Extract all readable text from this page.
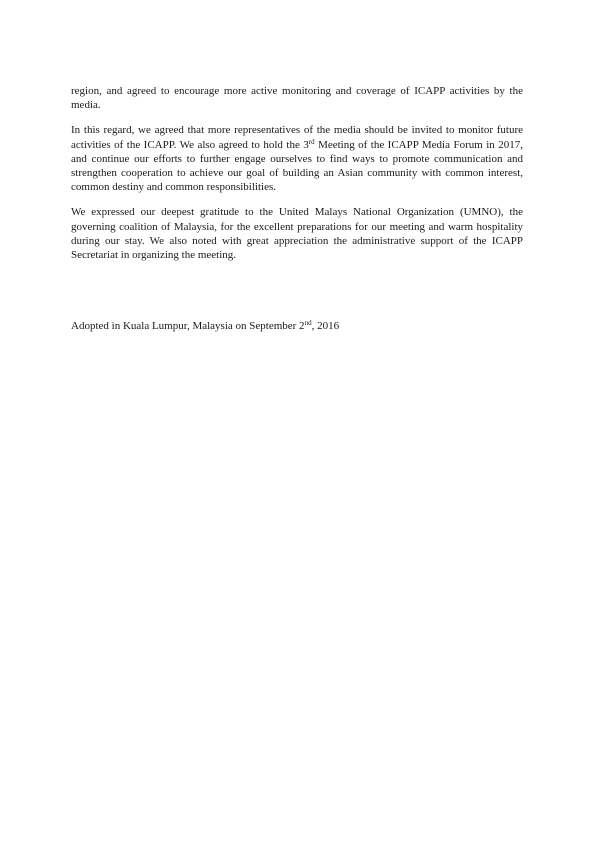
region, and agreed to encourage more active monitoring and coverage of ICAPP activities by the media.

In this regard, we agreed that more representatives of the media should be invited to monitor future activities of the ICAPP. We also agreed to hold the 3rd Meeting of the ICAPP Media Forum in 2017, and continue our efforts to further engage ourselves to find ways to promote communication and strengthen cooperation to achieve our goal of building an Asian community with common interest, common destiny and common responsibilities.

We expressed our deepest gratitude to the United Malays National Organization (UMNO), the governing coalition of Malaysia, for the excellent preparations for our meeting and warm hospitality during our stay. We also noted with great appreciation the administrative support of the ICAPP Secretariat in organizing the meeting.

Adopted in Kuala Lumpur, Malaysia on September 2nd, 2016
